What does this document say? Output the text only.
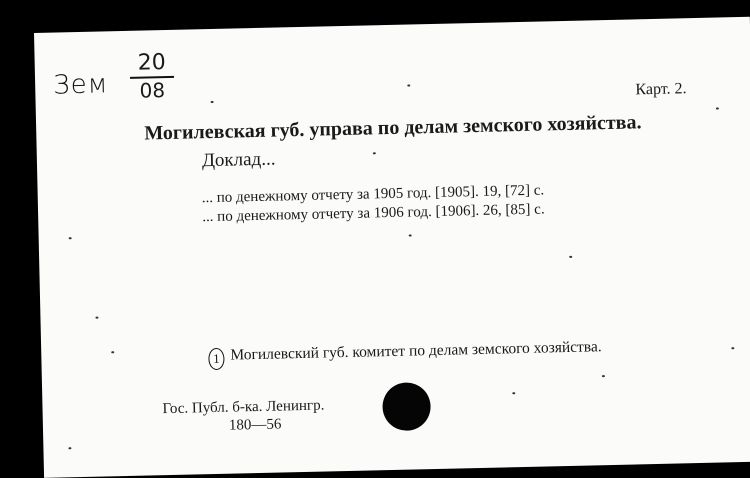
Зем
20
08	Карт. 2.
Могилевская губ. управа по делам земского хозяйства.
Доклад...
... по денежному отчету за 1905 год. [1905]. 19, [72] с.
... по денежному отчету за 1906 год. [1906]. 26, [85] с.
1 Могилевский губ. комитет по делам земского хозяйства.
Гос. Публ. б-ка. Ленингр.
180—56
